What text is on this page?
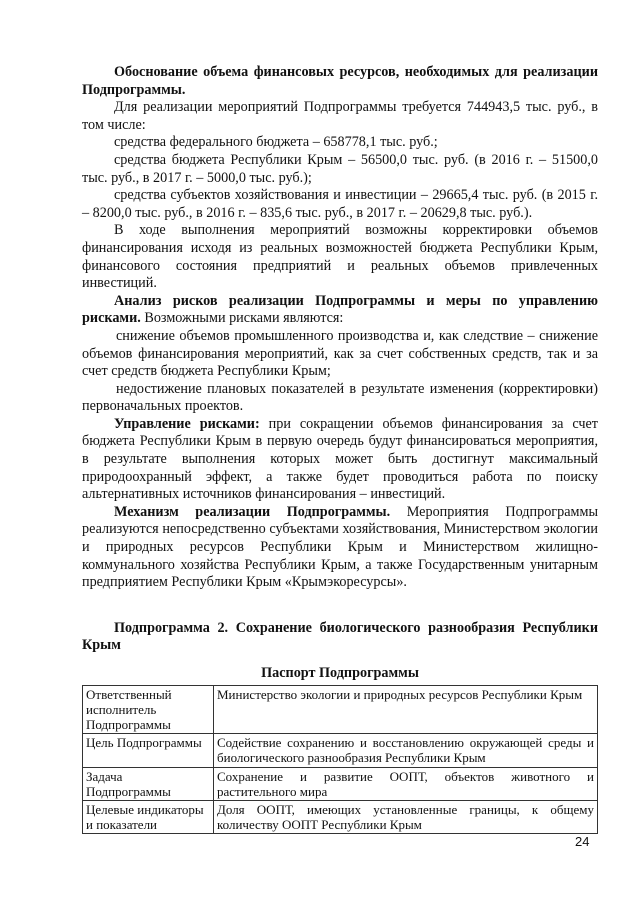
Обоснование объема финансовых ресурсов, необходимых для реализации Подпрограммы.

Для реализации мероприятий Подпрограммы требуется 744943,5 тыс. руб., в том числе:

средства федерального бюджета – 658778,1 тыс. руб.;

средства бюджета Республики Крым – 56500,0 тыс. руб. (в 2016 г. – 51500,0 тыс. руб., в 2017 г. – 5000,0 тыс. руб.);

средства субъектов хозяйствования и инвестиции – 29665,4 тыс. руб. (в 2015 г. – 8200,0 тыс. руб., в 2016 г. – 835,6 тыс. руб., в 2017 г. – 20629,8 тыс. руб.).

В ходе выполнения мероприятий возможны корректировки объемов финансирования исходя из реальных возможностей бюджета Республики Крым, финансового состояния предприятий и реальных объемов привлеченных инвестиций.

Анализ рисков реализации Подпрограммы и меры по управлению рисками. Возможными рисками являются:

снижение объемов промышленного производства и, как следствие – снижение объемов финансирования мероприятий, как за счет собственных средств, так и за счет средств бюджета Республики Крым;

недостижение плановых показателей в результате изменения (корректировки) первоначальных проектов.

Управление рисками: при сокращении объемов финансирования за счет бюджета Республики Крым в первую очередь будут финансироваться мероприятия, в результате выполнения которых может быть достигнут максимальный природоохранный эффект, а также будет проводиться работа по поиску альтернативных источников финансирования – инвестиций.

Механизм реализации Подпрограммы. Мероприятия Подпрограммы реализуются непосредственно субъектами хозяйствования, Министерством экологии и природных ресурсов Республики Крым и Министерством жилищно-коммунального хозяйства Республики Крым, а также Государственным унитарным предприятием Республики Крым «Крымэкоресурсы».

Подпрограмма 2. Сохранение биологического разнообразия Республики Крым

Паспорт Подпрограммы

Ответственный исполнитель Подпрограммы	Министерство экологии и природных ресурсов Республики Крым
Цель Подпрограммы	Содействие сохранению и восстановлению окружающей среды и биологического разнообразия Республики Крым
Задача Подпрограммы	Сохранение и развитие ООПТ, объектов животного и растительного мира
Целевые индикаторы и показатели	Доля ООПТ, имеющих установленные границы, к общему количеству ООПТ Республики Крым
24
